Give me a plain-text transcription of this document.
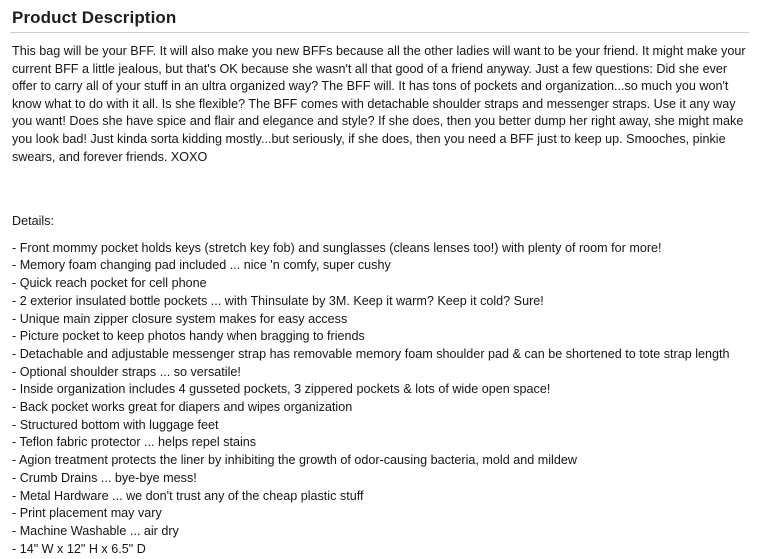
Product Description

This bag will be your BFF. It will also make you new BFFs because all the other ladies will want to be your friend. It might make your current BFF a little jealous, but that's OK because she wasn't all that good of a friend anyway. Just a few questions: Did she ever offer to carry all of your stuff in an ultra organized way? The BFF will. It has tons of pockets and organization...so much you won't know what to do with it all. Is she flexible? The BFF comes with detachable shoulder straps and messenger straps. Use it any way you want! Does she have spice and flair and elegance and style? If she does, then you better dump her right away, she might make you look bad! Just kinda sorta kidding mostly...but seriously, if she does, then you need a BFF just to keep up. Smooches, pinkie swears, and forever friends. XOXO

Details:
- Front mommy pocket holds keys (stretch key fob) and sunglasses (cleans lenses too!) with plenty of room for more!
- Memory foam changing pad included ... nice 'n comfy, super cushy
- Quick reach pocket for cell phone
- 2 exterior insulated bottle pockets ... with Thinsulate by 3M. Keep it warm? Keep it cold? Sure!
- Unique main zipper closure system makes for easy access
- Picture pocket to keep photos handy when bragging to friends
- Detachable and adjustable messenger strap has removable memory foam shoulder pad & can be shortened to tote strap length
- Optional shoulder straps ... so versatile!
- Inside organization includes 4 gusseted pockets, 3 zippered pockets & lots of wide open space!
- Back pocket works great for diapers and wipes organization
- Structured bottom with luggage feet
- Teflon fabric protector ... helps repel stains
- Agion treatment protects the liner by inhibiting the growth of odor-causing bacteria, mold and mildew
- Crumb Drains ... bye-bye mess!
- Metal Hardware ... we don't trust any of the cheap plastic stuff
- Print placement may vary
- Machine Washable ... air dry
- 14" W x 12" H x 6.5" D
